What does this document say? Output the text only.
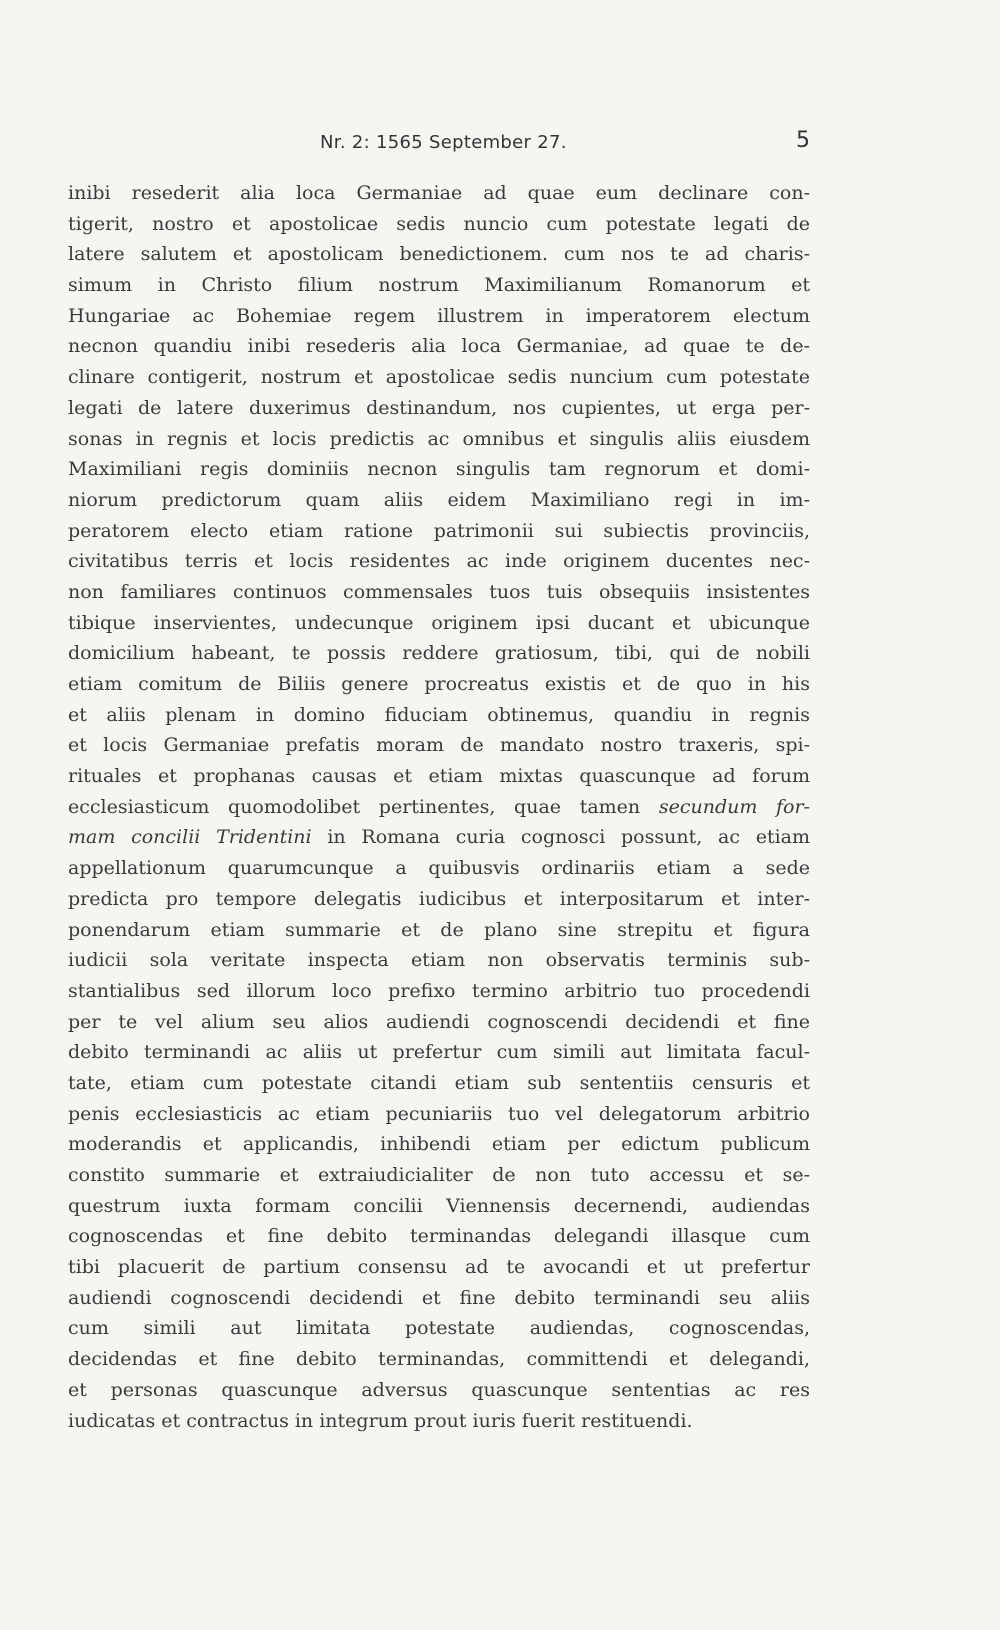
Nr. 2: 1565 September 27.	5
inibi resederit alia loca Germaniae ad quae eum declinare con-
tigerit, nostro et apostolicae sedis nuncio cum potestate legati de
latere salutem et apostolicam benedictionem. cum nos te ad charis-
simum in Christo filium nostrum Maximilianum Romanorum et
Hungariae ac Bohemiae regem illustrem in imperatorem electum
necnon quandiu inibi resederis alia loca Germaniae, ad quae te de-
clinare contigerit, nostrum et apostolicae sedis nuncium cum potestate
legati de latere duxerimus destinandum, nos cupientes, ut erga per-
sonas in regnis et locis predictis ac omnibus et singulis aliis eiusdem
Maximiliani regis dominiis necnon singulis tam regnorum et domi-
niorum predictorum quam aliis eidem Maximiliano regi in im-
peratorem electo etiam ratione patrimonii sui subiectis provinciis,
civitatibus terris et locis residentes ac inde originem ducentes nec-
non familiares continuos commensales tuos tuis obsequiis insistentes
tibique inservientes, undecunque originem ipsi ducant et ubicunque
domicilium habeant, te possis reddere gratiosum, tibi, qui de nobili
etiam comitum de Biliis genere procreatus existis et de quo in his
et aliis plenam in domino fiduciam obtinemus, quandiu in regnis
et locis Germaniae prefatis moram de mandato nostro traxeris, spi-
rituales et prophanas causas et etiam mixtas quascunque ad forum
ecclesiasticum quomodolibet pertinentes, quae tamen secundum for-
mam concilii Tridentini in Romana curia cognosci possunt, ac etiam
appellationum quarumcunque a quibusvis ordinariis etiam a sede
predicta pro tempore delegatis iudicibus et interpositarum et inter-
ponendarum etiam summarie et de plano sine strepitu et figura
iudicii sola veritate inspecta etiam non observatis terminis sub-
stantialibus sed illorum loco prefixo termino arbitrio tuo procedendi
per te vel alium seu alios audiendi cognoscendi decidendi et fine
debito terminandi ac aliis ut prefertur cum simili aut limitata facul-
tate, etiam cum potestate citandi etiam sub sententiis censuris et
penis ecclesiasticis ac etiam pecuniariis tuo vel delegatorum arbitrio
moderandis et applicandis, inhibendi etiam per edictum publicum
constito summarie et extraiudicialiter de non tuto accessu et se-
questrum iuxta formam concilii Viennensis decernendi, audiendas
cognoscendas et fine debito terminandas delegandi illasque cum
tibi placuerit de partium consensu ad te avocandi et ut prefertur
audiendi cognoscendi decidendi et fine debito terminandi seu aliis
cum simili aut limitata potestate audiendas, cognoscendas,
decidendas et fine debito terminandas, committendi et delegandi,
et personas quascunque adversus quascunque sententias ac res
iudicatas et contractus in integrum prout iuris fuerit restituendi.
